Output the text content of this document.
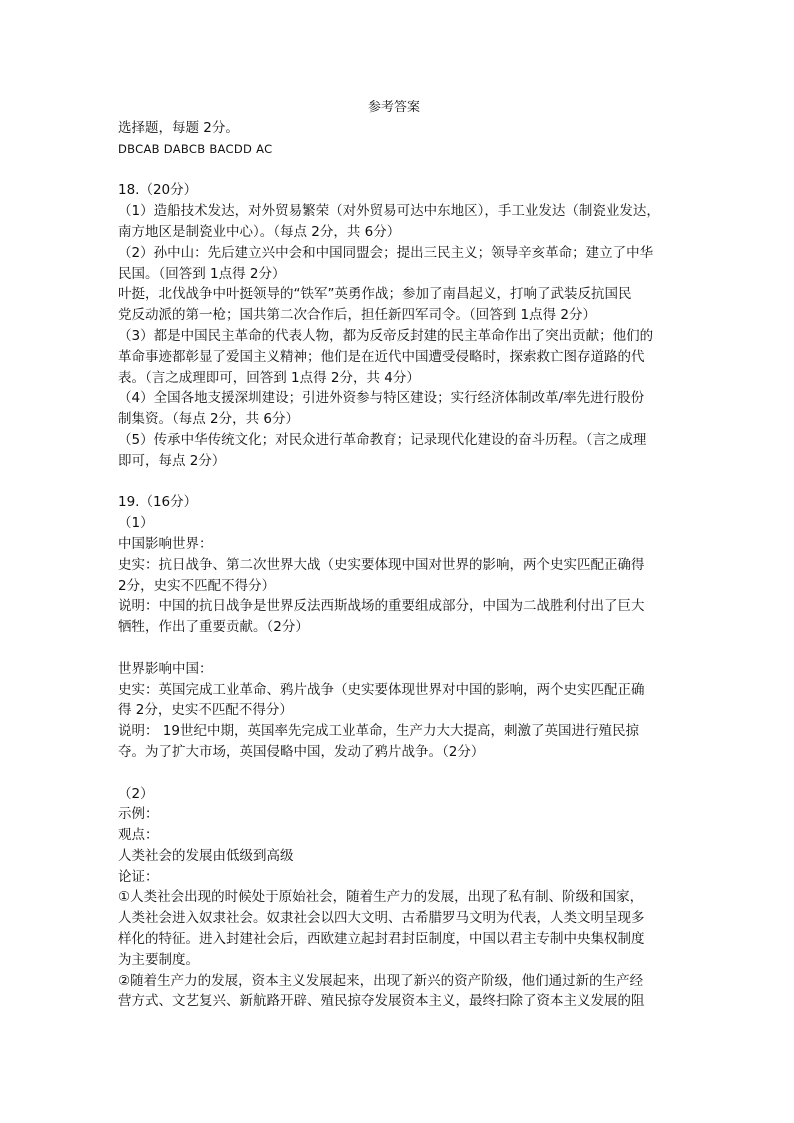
参考答案
选择题，每题 2分。
DBCAB DABCB BACDD AC
18.（20分）
（1）造船技术发达，对外贸易繁荣（对外贸易可达中东地区），手工业发达（制瓷业发达，
南方地区是制瓷业中心）。（每点 2分，共 6分）
（2）孙中山：先后建立兴中会和中国同盟会；提出三民主义；领导辛亥革命；建立了中华
民国。（回答到 1点得 2分）
叶挺，北伐战争中叶挺领导的“铁军”英勇作战；参加了南昌起义，打响了武装反抗国民
党反动派的第一枪；国共第二次合作后，担任新四军司令。（回答到 1点得 2分）
（3）都是中国民主革命的代表人物，都为反帝反封建的民主革命作出了突出贡献；他们的
革命事迹都彰显了爱国主义精神；他们是在近代中国遭受侵略时，探索救亡图存道路的代
表。（言之成理即可，回答到 1点得 2分，共 4分）
（4）全国各地支援深圳建设；引进外资参与特区建设；实行经济体制改革/率先进行股份
制集资。（每点 2分，共 6分）
（5）传承中华传统文化；对民众进行革命教育；记录现代化建设的奋斗历程。（言之成理
即可，每点 2分）
19.（16分）
（1）
中国影响世界：
史实：抗日战争、第二次世界大战（史实要体现中国对世界的影响，两个史实匹配正确得
2分，史实不匹配不得分）
说明：中国的抗日战争是世界反法西斯战场的重要组成部分，中国为二战胜利付出了巨大
牺牲，作出了重要贡献。（2分）
世界影响中国：
史实：英国完成工业革命、鸦片战争（史实要体现世界对中国的影响，两个史实匹配正确
得 2分，史实不匹配不得分）
说明： 19世纪中期，英国率先完成工业革命，生产力大大提高，刺激了英国进行殖民掠
夺。为了扩大市场，英国侵略中国，发动了鸦片战争。（2分）
（2）
示例：
观点：
人类社会的发展由低级到高级
论证：
①人类社会出现的时候处于原始社会，随着生产力的发展，出现了私有制、阶级和国家，
人类社会进入奴隶社会。奴隶社会以四大文明、古希腊罗马文明为代表，人类文明呈现多
样化的特征。进入封建社会后，西欧建立起封君封臣制度，中国以君主专制中央集权制度
为主要制度。
②随着生产力的发展，资本主义发展起来，出现了新兴的资产阶级，他们通过新的生产经
营方式、文艺复兴、新航路开辟、殖民掠夺发展资本主义，最终扫除了资本主义发展的阻
